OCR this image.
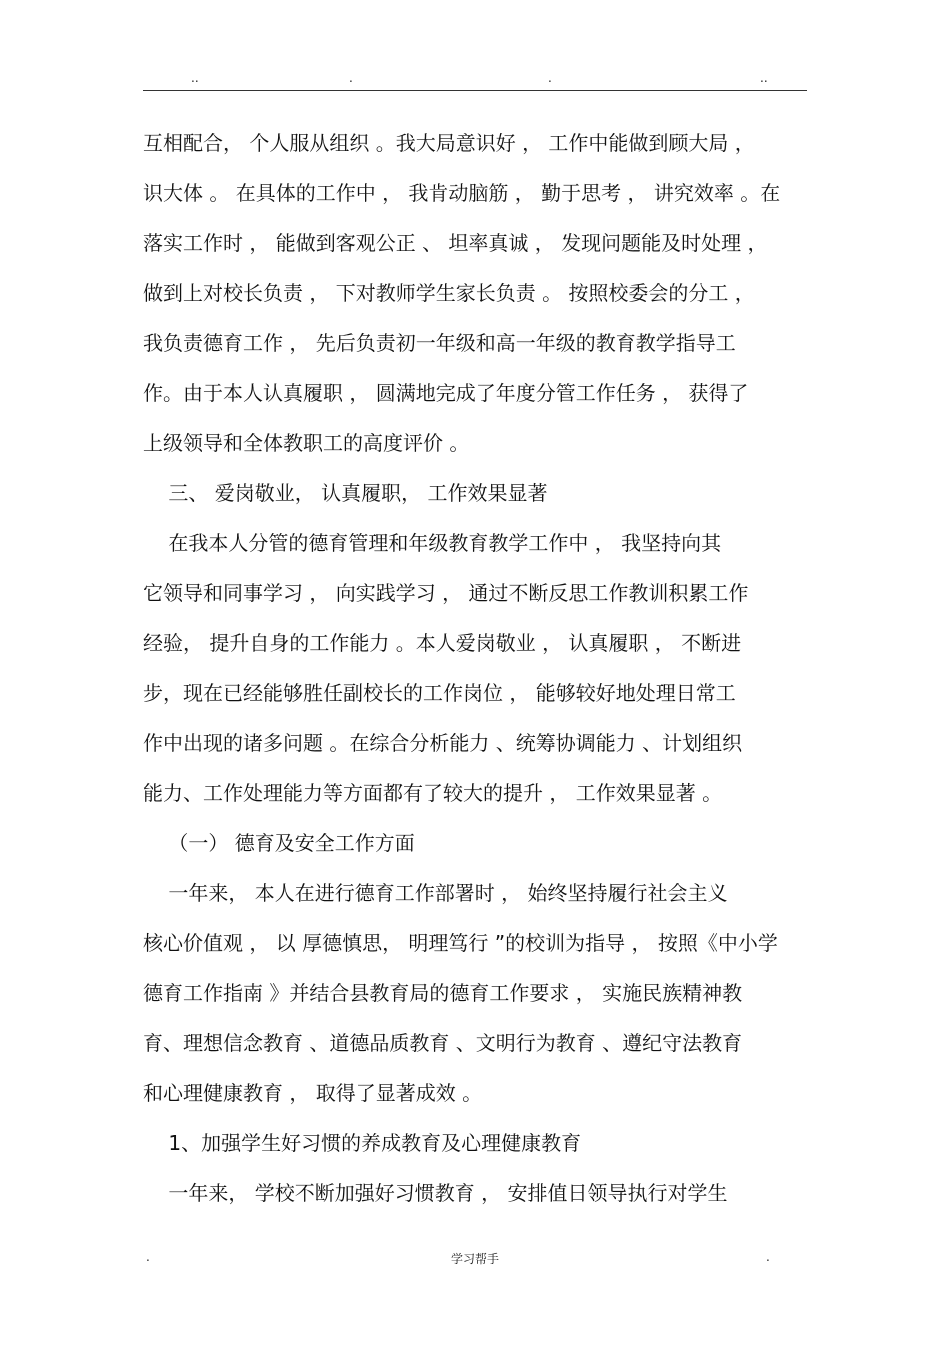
..	.	.	..
互相配合， 个人服从组织 。我大局意识好 ， 工作中能做到顾大局 ，
识大体 。 在具体的工作中 ， 我肯动脑筋 ， 勤于思考 ， 讲究效率 。在
落实工作时 ， 能做到客观公正 、 坦率真诚 ， 发现问题能及时处理 ，
做到上对校长负责 ， 下对教师学生家长负责 。 按照校委会的分工 ，
我负责德育工作 ， 先后负责初一年级和高一年级的教育教学指导工
作。由于本人认真履职 ， 圆满地完成了年度分管工作任务 ， 获得了
上级领导和全体教职工的高度评价 。
三、 爱岗敬业， 认真履职， 工作效果显著
在我本人分管的德育管理和年级教育教学工作中 ， 我坚持向其
它领导和同事学习 ， 向实践学习 ， 通过不断反思工作教训积累工作
经验， 提升自身的工作能力 。本人爱岗敬业 ， 认真履职 ， 不断进
步，现在已经能够胜任副校长的工作岗位 ， 能够较好地处理日常工
作中出现的诸多问题 。在综合分析能力 、统筹协调能力 、计划组织
能力、工作处理能力等方面都有了较大的提升 ， 工作效果显著 。
（一） 德育及安全工作方面
一年来， 本人在进行德育工作部署时 ， 始终坚持履行社会主义
核心价值观 ， 以 厚德慎思， 明理笃行 ”的校训为指导 ， 按照《中小学
德育工作指南 》并结合县教育局的德育工作要求 ， 实施民族精神教
育、理想信念教育 、道德品质教育 、文明行为教育 、遵纪守法教育
和心理健康教育 ， 取得了显著成效 。
1、加强学生好习惯的养成教育及心理健康教育
一年来， 学校不断加强好习惯教育 ， 安排值日领导执行对学生
学习帮手
.	.
